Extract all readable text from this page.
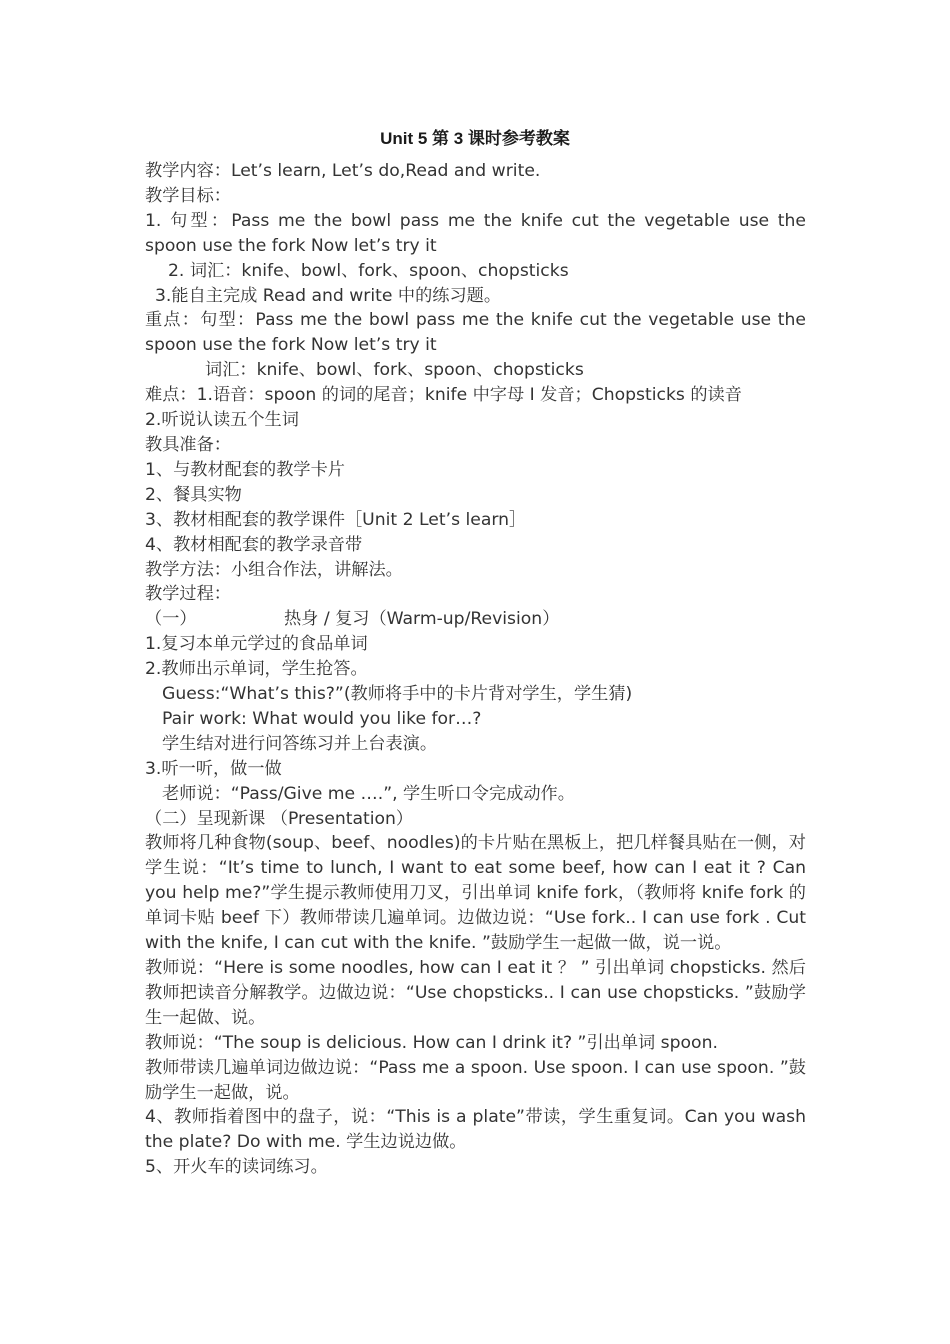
Unit 5 第 3 课时参考教案
教学内容：Let’s learn, Let’s do,Read and write.
教学目标：
1. 句型：Pass me the bowl pass me the knife cut the vegetable use the spoon use the fork Now let’s try it
2. 词汇：knife、bowl、fork、spoon、chopsticks
3.能自主完成 Read and write 中的练习题。
重点：句型：Pass me the bowl pass me the knife cut the vegetable use the spoon use the fork Now let’s try it
词汇：knife、bowl、fork、spoon、chopsticks
难点：1.语音：spoon 的词的尾音；knife 中字母 I 发音；Chopsticks 的读音
2.听说认读五个生词
教具准备：
1、与教材配套的教学卡片
2、餐具实物
3、教材相配套的教学课件［Unit 2 Let’s learn］
4、教材相配套的教学录音带
教学方法：小组合作法，讲解法。
教学过程：
（一）                热身 / 复习（Warm-up/Revision）
1.复习本单元学过的食品单词
2.教师出示单词，学生抢答。
Guess:“What’s this?”(教师将手中的卡片背对学生，学生猜)
Pair work: What would you like for…?
学生结对进行问答练习并上台表演。
3.听一听，做一做
老师说：“Pass/Give me ….”, 学生听口令完成动作。
（二）呈现新课 （Presentation）
教师将几种食物(soup、beef、noodles)的卡片贴在黑板上，把几样餐具贴在一侧，对学生说：“It’s time to lunch, I want to eat some beef, how can I eat it ? Can you help me?”学生提示教师使用刀叉，引出单词 knife fork，（教师将 knife fork 的单词卡贴 beef 下）教师带读几遍单词。边做边说：“Use fork.. I can use fork . Cut with the knife, I can cut with the knife. ”鼓励学生一起做一做，说一说。
教师说：“Here is some noodles, how can I eat it ？ ” 引出单词 chopsticks. 然后教师把读音分解教学。边做边说：“Use chopsticks.. I can use chopsticks. ”鼓励学生一起做、说。
教师说：“The soup is delicious. How can I drink it? ”引出单词 spoon.
教师带读几遍单词边做边说：“Pass me a spoon. Use spoon. I can use spoon. ”鼓励学生一起做，说。
4、教师指着图中的盘子，说：“This is a plate”带读，学生重复词。Can you wash the plate? Do with me. 学生边说边做。
5、开火车的读词练习。
